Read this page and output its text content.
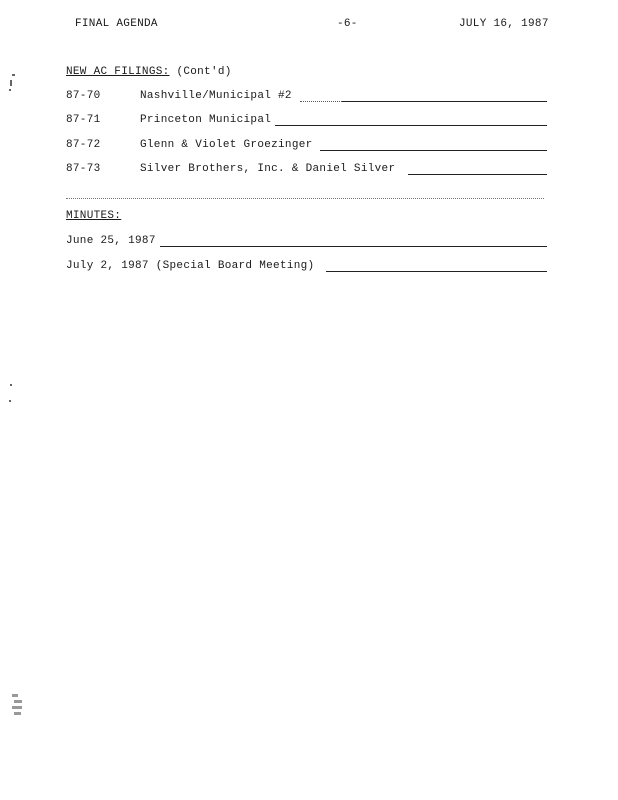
FINAL AGENDA	-6-	JULY 16, 1987
NEW AC FILINGS: (Cont'd)
87-70	Nashville/Municipal #2
87-71	Princeton Municipal
87-72	Glenn & Violet Groezinger
87-73	Silver Brothers, Inc. & Daniel Silver
MINUTES:
June 25, 1987
July 2, 1987 (Special Board Meeting)
